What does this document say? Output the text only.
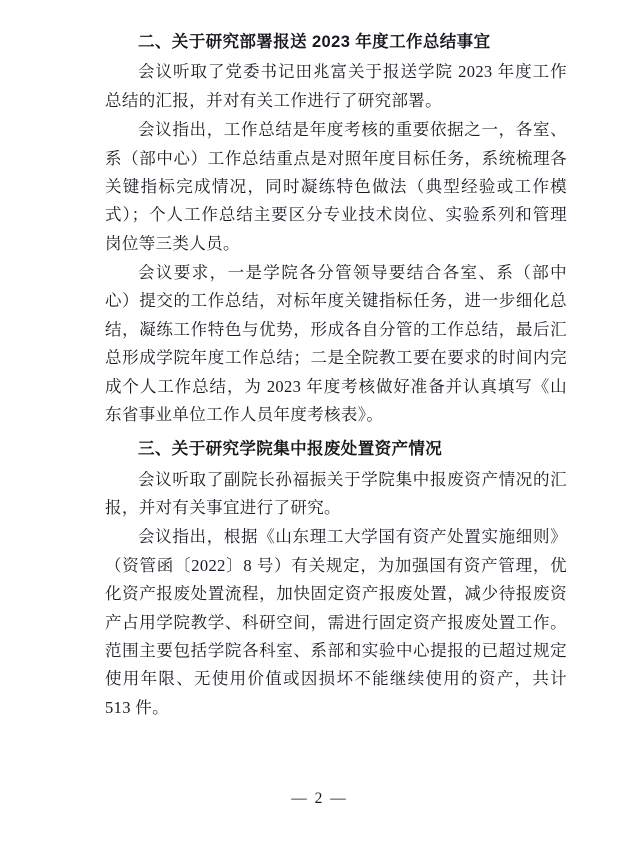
二、关于研究部署报送 2023 年度工作总结事宜

会议听取了党委书记田兆富关于报送学院 2023 年度工作总结的汇报，并对有关工作进行了研究部署。

会议指出，工作总结是年度考核的重要依据之一，各室、系（部中心）工作总结重点是对照年度目标任务，系统梳理各关键指标完成情况，同时凝练特色做法（典型经验或工作模式）；个人工作总结主要区分专业技术岗位、实验系列和管理岗位等三类人员。

会议要求，一是学院各分管领导要结合各室、系（部中心）提交的工作总结，对标年度关键指标任务，进一步细化总结，凝练工作特色与优势，形成各自分管的工作总结，最后汇总形成学院年度工作总结；二是全院教工要在要求的时间内完成个人工作总结，为 2023 年度考核做好准备并认真填写《山东省事业单位工作人员年度考核表》。

三、关于研究学院集中报废处置资产情况

会议听取了副院长孙福振关于学院集中报废资产情况的汇报，并对有关事宜进行了研究。

会议指出，根据《山东理工大学国有资产处置实施细则》（资管函〔2022〕8 号）有关规定，为加强国有资产管理，优化资产报废处置流程，加快固定资产报废处置，减少待报废资产占用学院教学、科研空间，需进行固定资产报废处置工作。范围主要包括学院各科室、系部和实验中心提报的已超过规定使用年限、无使用价值或因损坏不能继续使用的资产，共计 513 件。

— 2 —
